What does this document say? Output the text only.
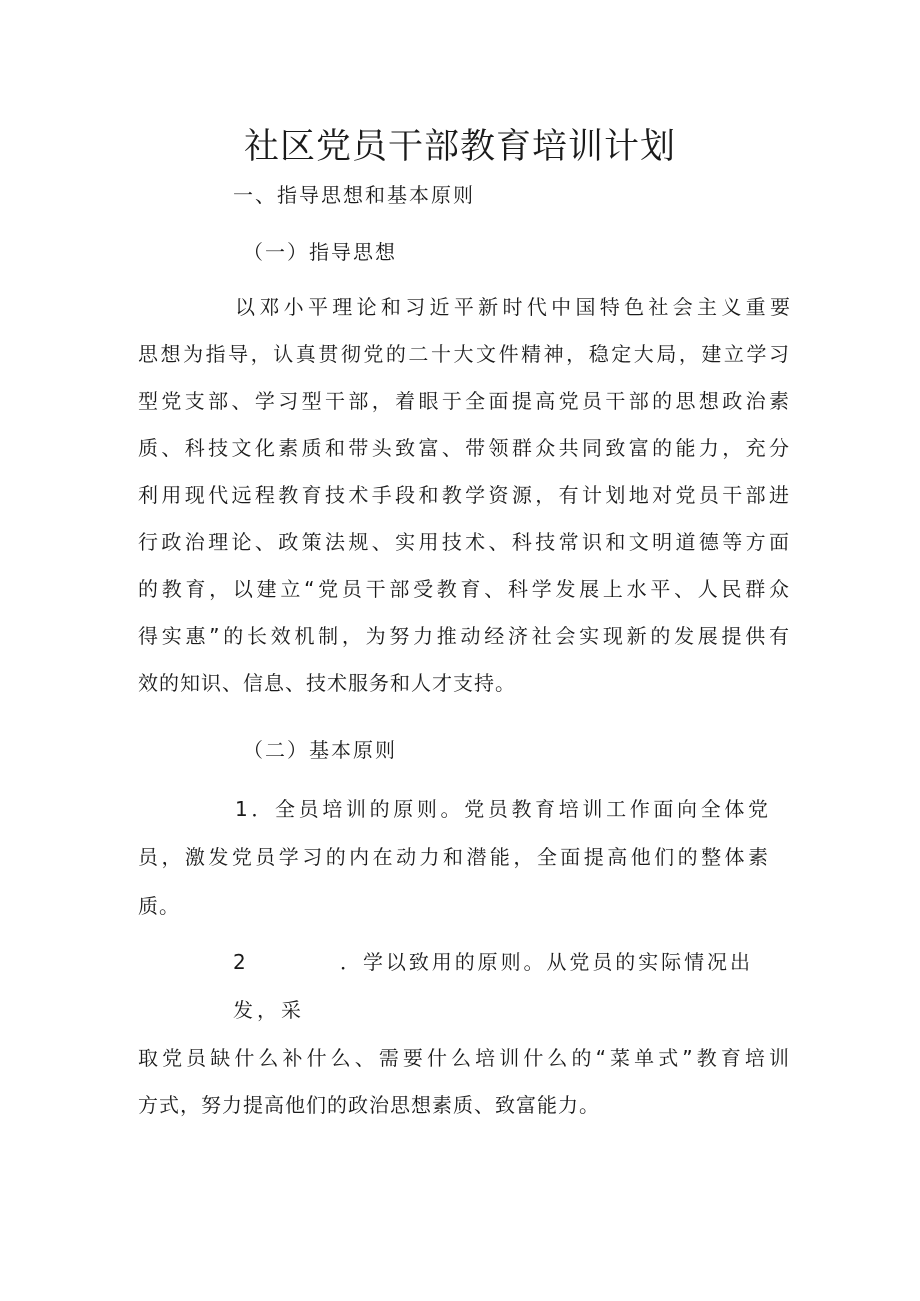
社区党员干部教育培训计划

一、指导思想和基本原则

（一）指导思想

以邓小平理论和习近平新时代中国特色社会主义重要

思想为指导，认真贯彻党的二十大文件精神，稳定大局，建立学习

型党支部、学习型干部，着眼于全面提高党员干部的思想政治素

质、科技文化素质和带头致富、带领群众共同致富的能力，充分

利用现代远程教育技术手段和教学资源，有计划地对党员干部进

行政治理论、政策法规、实用技术、科技常识和文明道德等方面

的教育，以建立“党员干部受教育、科学发展上水平、人民群众

得实惠”的长效机制，为努力推动经济社会实现新的发展提供有

效的知识、信息、技术服务和人才支持。

（二）基本原则

1．全员培训的原则。党员教育培训工作面向全体党

员，激发党员学习的内在动力和潜能，全面提高他们的整体素

质。

2	．学以致用的原则。从党员的实际情况出

发，采

取党员缺什么补什么、需要什么培训什么的“菜单式”教育培训

方式，努力提高他们的政治思想素质、致富能力。
